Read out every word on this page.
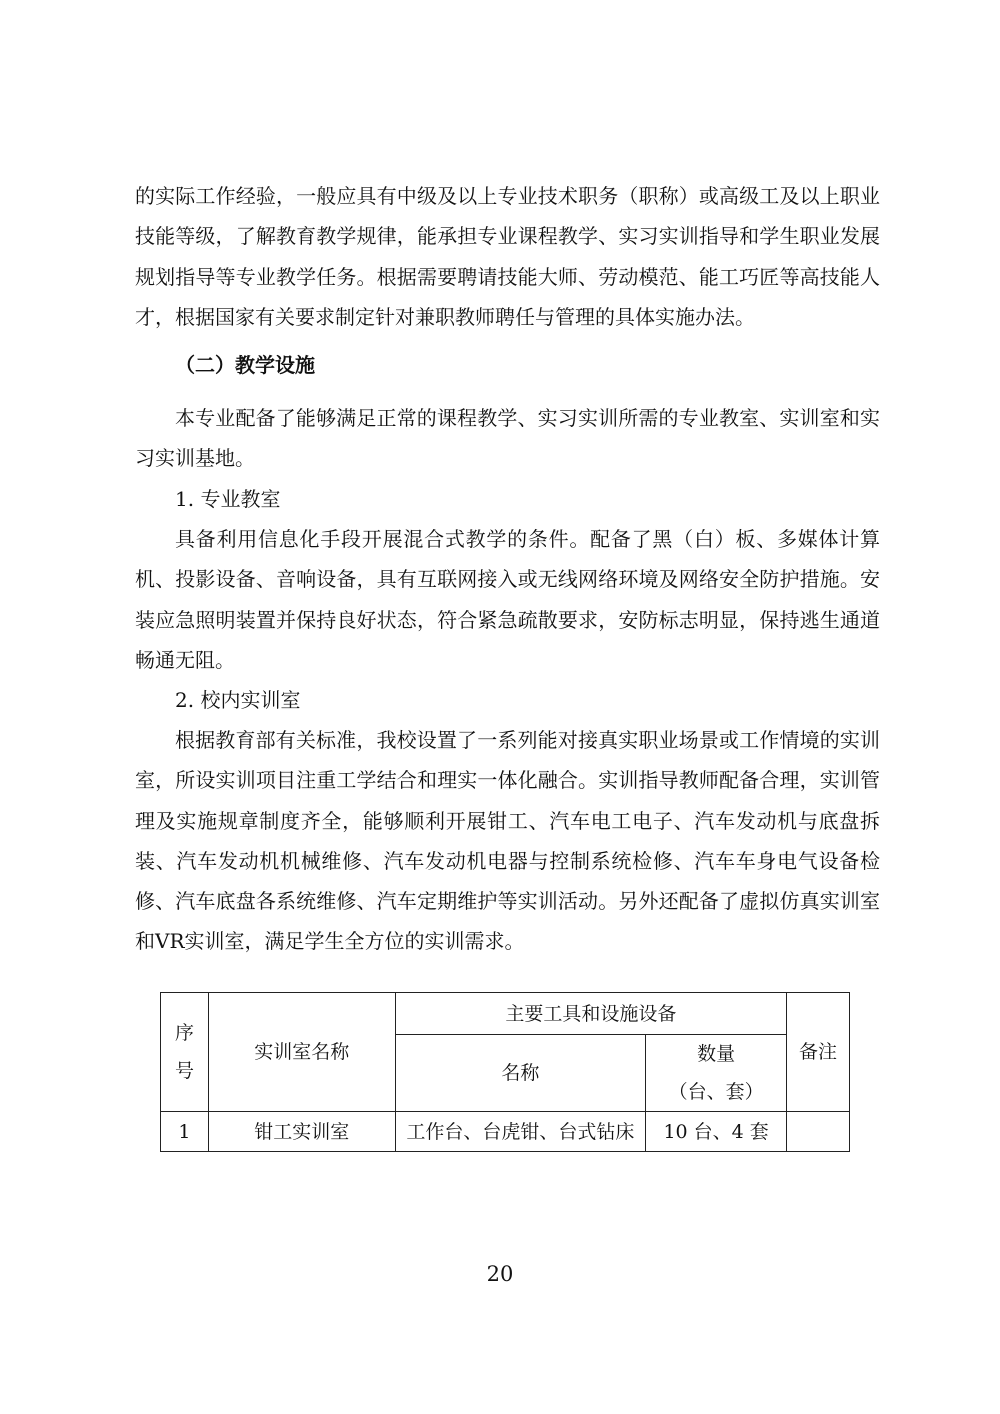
的实际工作经验，一般应具有中级及以上专业技术职务（职称）或高级工及以上职业技能等级，了解教育教学规律，能承担专业课程教学、实习实训指导和学生职业发展规划指导等专业教学任务。根据需要聘请技能大师、劳动模范、能工巧匠等高技能人才，根据国家有关要求制定针对兼职教师聘任与管理的具体实施办法。

（二）教学设施

本专业配备了能够满足正常的课程教学、实习实训所需的专业教室、实训室和实习实训基地。

1. 专业教室

具备利用信息化手段开展混合式教学的条件。配备了黑（白）板、多媒体计算机、投影设备、音响设备，具有互联网接入或无线网络环境及网络安全防护措施。安装应急照明装置并保持良好状态，符合紧急疏散要求，安防标志明显，保持逃生通道畅通无阻。

2. 校内实训室

根据教育部有关标准，我校设置了一系列能对接真实职业场景或工作情境的实训室，所设实训项目注重工学结合和理实一体化融合。实训指导教师配备合理，实训管理及实施规章制度齐全，能够顺利开展钳工、汽车电工电子、汽车发动机与底盘拆装、汽车发动机机械维修、汽车发动机电器与控制系统检修、汽车车身电气设备检修、汽车底盘各系统维修、汽车定期维护等实训活动。另外还配备了虚拟仿真实训室和VR实训室，满足学生全方位的实训需求。

序号	实训室名称	主要工具和设施设备		备注
		名称	数量
（台、套）	

1	钳工实训室	工作台、台虎钳、台式钻床	10 台、4 套	
20
